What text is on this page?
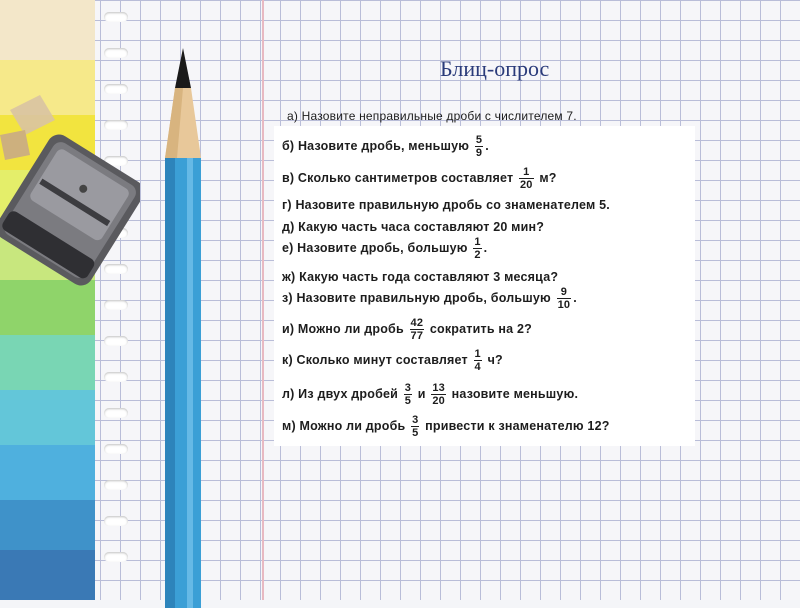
Блиц-опрос
а) Назовите неправильные дроби с числителем 7.
б) Назовите дробь, меньшую $\frac{5}{9}$ .
в) Сколько сантиметров составляет $\frac{1}{20} м$?
г) Назовите правильную дробь со знаменателем 5.
д) Какую часть часа составляют 20 мин?
е) Назовите дробь, большую $\frac{1}{2}$ .
ж) Какую часть года составляют 3 месяца?
з) Назовите правильную дробь, большую $\frac{9}{10}$ .
и) Можно ли дробь $\frac{42}{77}$ сократить на 2?
к) Сколько минут составляет $\frac{1}{4} ч$?
л) Из двух дробей $\frac{3}{5}$ и $\frac{13}{20}$ назовите меньшую.
м) Можно ли дробь $\frac{3}{5}$ привести к знаменателю 12?
